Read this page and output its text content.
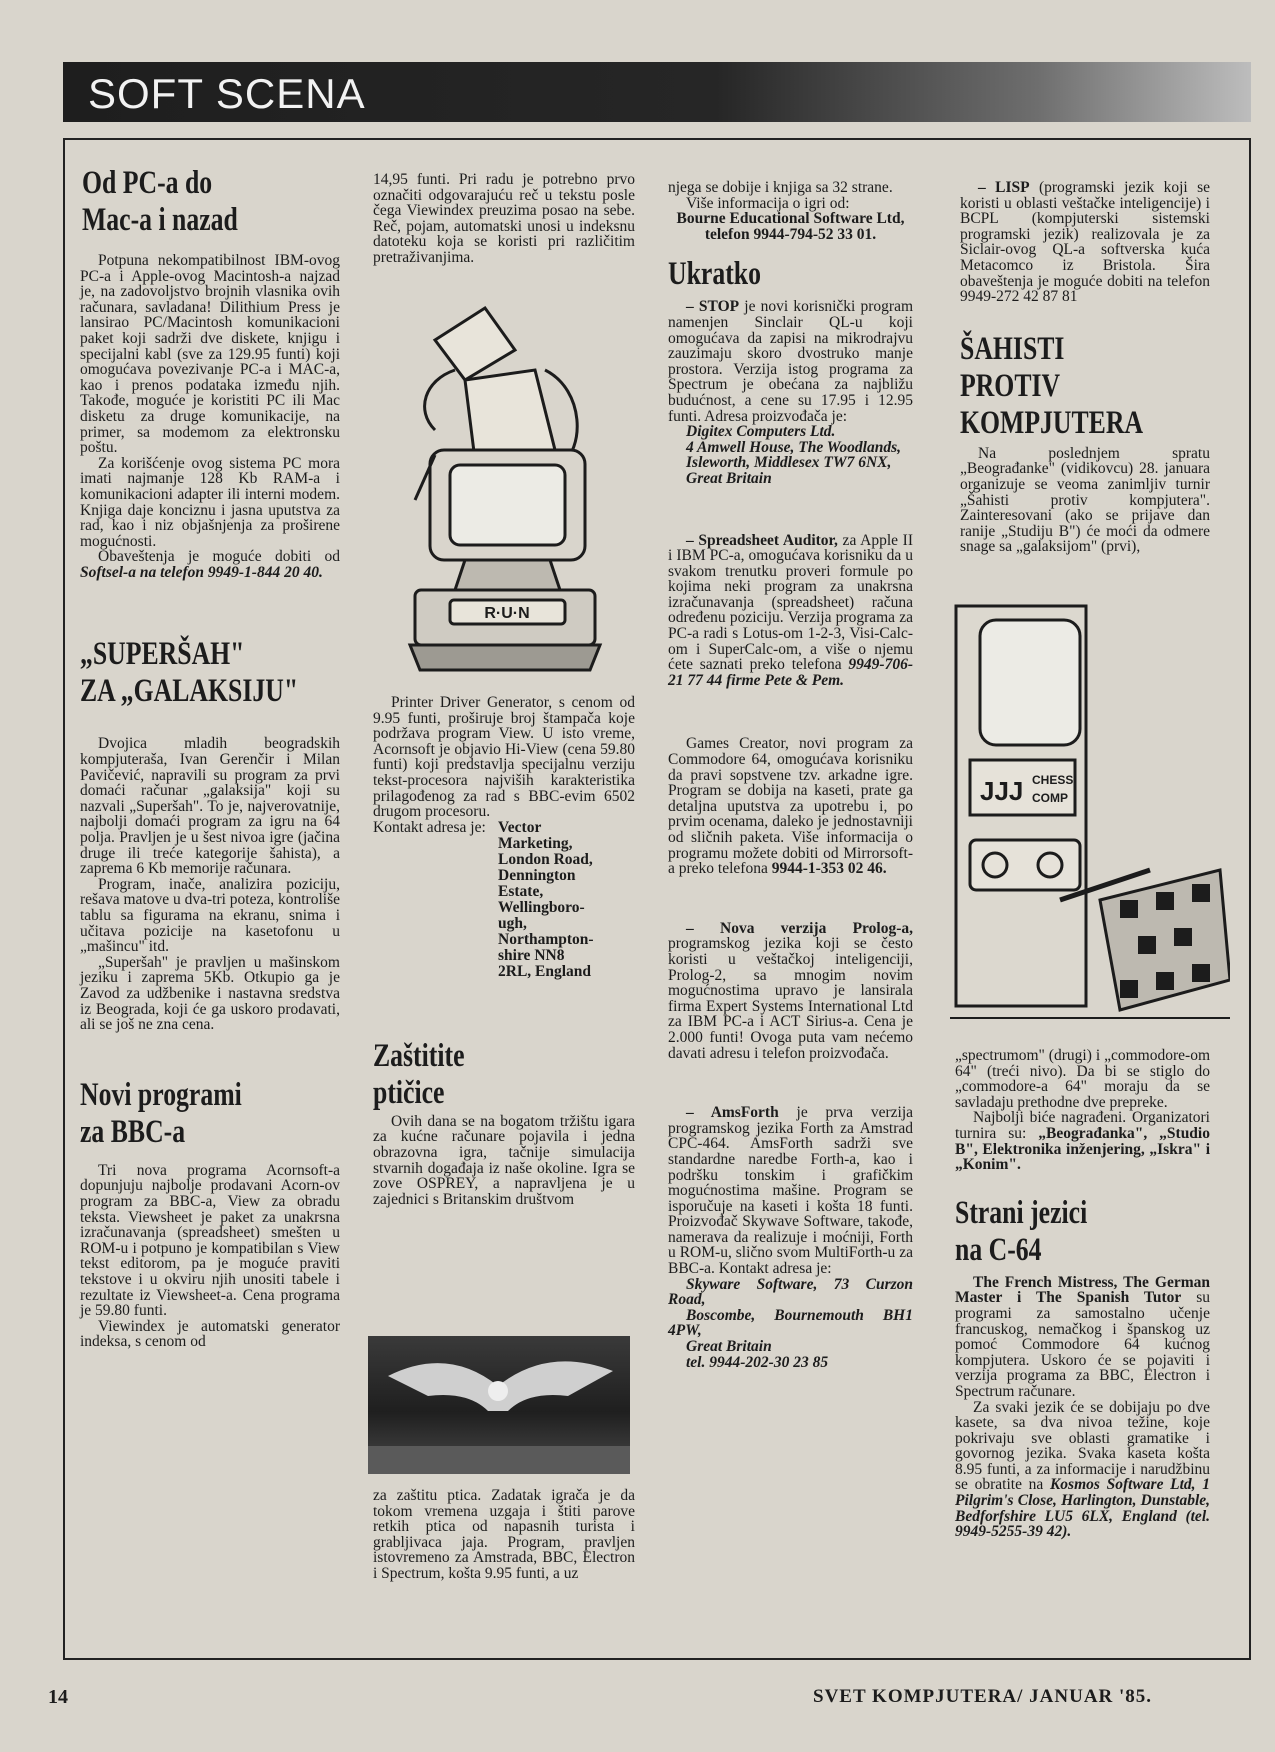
SOFT SCENA
Od PC-a do
Mac-a i nazad

Potpuna nekompatibilnost IBM-ovog PC-a i Apple-ovog Macintosh-a najzad je, na zadovoljstvo brojnih vlasnika ovih računara, savladana! Dilithium Press je lansirao PC/Macintosh komunikacioni paket koji sadrži dve diskete, knjigu i specijalni kabl (sve za 129.95 funti) koji omogućava povezivanje PC-a i MAC-a, kao i prenos podataka između njih. Takođe, moguće je koristiti PC ili Mac disketu za druge komunikacije, na primer, sa modemom za elektronsku poštu.

Za korišćenje ovog sistema PC mora imati najmanje 128 Kb RAM-a i komunikacioni adapter ili interni modem. Knjiga daje konciznu i jasna uputstva za rad, kao i niz objašnjenja za proširene mogućnosti.

Obaveštenja je moguće dobiti od Softsel-a na telefon 9949-1-844 20 40.

„SUPERŠAH"
ZA „GALAKSIJU"

Dvojica mladih beogradskih kompjuteraša, Ivan Gerenčir i Milan Pavičević, napravili su program za prvi domaći računar „galaksija" koji su nazvali „Superšah". To je, najverovatnije, najbolji domaći program za igru na 64 polja. Pravljen je u šest nivoa igre (jačina druge ili treće kategorije šahista), a zaprema 6 Kb memorije računara.

Program, inače, analizira poziciju, rešava matove u dva-tri poteza, kontroliše tablu sa figurama na ekranu, snima i učitava pozicije na kasetofonu u „mašincu" itd.

„Superšah" je pravljen u mašinskom jeziku i zaprema 5Kb. Otkupio ga je Zavod za udžbenike i nastavna sredstva iz Beograda, koji će ga uskoro prodavati, ali se još ne zna cena.

Novi programi
za BBC-a

Tri nova programa Acornsoft-a dopunjuju najbolje prodavani Acorn-ov program za BBC-a, View za obradu teksta. Viewsheet je paket za unakrsna izračunavanja (spreadsheet) smešten u ROM-u i potpuno je kompatibilan s View tekst editorom, pa je moguće praviti tekstove i u okviru njih unositi tabele i rezultate iz Viewsheet-a. Cena programa je 59.80 funti.

Viewindex je automatski generator indeksa, s cenom od

14,95 funti. Pri radu je potrebno prvo označiti odgovarajuću reč u tekstu posle čega Viewindex preuzima posao na sebe. Reč, pojam, automatski unosi u indeksnu datoteku koja se koristi pri različitim pretraživanjima.

R·U·N

Printer Driver Generator, s cenom od 9.95 funti, proširuje broj štampača koje podržava program View. U isto vreme, Acornsoft je objavio Hi-View (cena 59.80 funti) koji predstavlja specijalnu verziju tekst-procesora najviših karakteristika prilagođenog za rad s BBC-evim 6502 drugom procesoru.

Kontakt adresa je: Vector
Marketing,
London Road,
Dennington
Estate,
Wellingboro-
ugh,
Northampton-
shire NN8
2RL, England
Zaštitite
ptičice

Ovih dana se na bogatom tržištu igara za kućne računare pojavila i jedna obrazovna igra, tačnije simulacija stvarnih događaja iz naše okoline. Igra se zove OSPREY, a napravljena je u zajednici s Britanskim društvom

za zaštitu ptica. Zadatak igrača je da tokom vremena uzgaja i štiti parove retkih ptica od napasnih turista i grabljivaca jaja. Program, pravljen istovremeno za Amstrada, BBC, Electron i Spectrum, košta 9.95 funti, a uz

njega se dobije i knjiga sa 32 strane.

Više informacija o igri od:

Bourne Educational Software Ltd, telefon 9944-794-52 33 01.

Ukratko

– STOP je novi korisnički program namenjen Sinclair QL-u koji omogućava da zapisi na mikrodrajvu zauzimaju skoro dvostruko manje prostora. Verzija istog programa za Spectrum je obećana za najbližu budućnost, a cene su 17.95 i 12.95 funti. Adresa proizvođača je:

Digitex Computers Ltd.

4 Amwell House, The Woodlands,

Isleworth, Middlesex TW7 6NX,

Great Britain

– Spreadsheet Auditor, za Apple II i IBM PC-a, omogućava korisniku da u svakom trenutku proveri formule po kojima neki program za unakrsna izračunavanja (spreadsheet) računa određenu poziciju. Verzija programa za PC-a radi s Lotus-om 1-2-3, Visi-Calc-om i SuperCalc-om, a više o njemu ćete saznati preko telefona 9949-706-21 77 44 firme Pete & Pem.

Games Creator, novi program za Commodore 64, omogućava korisniku da pravi sopstvene tzv. arkadne igre. Program se dobija na kaseti, prate ga detaljna uputstva za upotrebu i, po prvim ocenama, daleko je jednostavniji od sličnih paketa. Više informacija o programu možete dobiti od Mirrorsoft-a preko telefona 9944-1-353 02 46.

– Nova verzija Prolog-a, programskog jezika koji se često koristi u veštačkoj inteligenciji, Prolog-2, sa mnogim novim mogućnostima upravo je lansirala firma Expert Systems International Ltd za IBM PC-a i ACT Sirius-a. Cena je 2.000 funti! Ovoga puta vam nećemo davati adresu i telefon proizvođača.

– AmsForth je prva verzija programskog jezika Forth za Amstrad CPC-464. AmsForth sadrži sve standardne naredbe Forth-a, kao i podršku tonskim i grafičkim mogućnostima mašine. Program se isporučuje na kaseti i košta 18 funti. Proizvođač Skywave Software, takođe, namerava da realizuje i moćniji, Forth u ROM-u, slično svom MultiForth-u za BBC-a. Kontakt adresa je:

Skyware Software, 73 Curzon Road,

Boscombe, Bournemouth BH1 4PW,

Great Britain

tel. 9944-202-30 23 85

– LISP (programski jezik koji se koristi u oblasti veštačke inteligencije) i BCPL (kompjuterski sistemski programski jezik) realizovala je za Siclair-ovog QL-a softverska kuća Metacomco iz Bristola. Šira obaveštenja je moguće dobiti na telefon 9949-272 42 87 81

ŠAHISTI
PROTIV
KOMPJUTERA

Na poslednjem spratu „Beograđanke" (vidikovcu) 28. januara organizuje se veoma zanimljiv turnir „Šahisti protiv kompjutera". Zainteresovani (ako se prijave dan ranije „Studiju B") će moći da odmere snage sa „galaksijom" (prvi),

JJJ CHESS
COMP

„spectrumom" (drugi) i „commodore-om 64" (treći nivo). Da bi se stiglo do „commodore-a 64" moraju da se savladaju prethodne dve prepreke.

Najbolji biće nagrađeni. Organizatori turnira su: „Beograđanka", „Studio B", Elektronika inženjering, „Iskra" i „Konim".

Strani jezici
na C-64

The French Mistress, The German Master i The Spanish Tutor su programi za samostalno učenje francuskog, nemačkog i španskog uz pomoć Commodore 64 kućnog kompjutera. Uskoro će se pojaviti i verzija programa za BBC, Electron i Spectrum računare.

Za svaki jezik će se dobijaju po dve kasete, sa dva nivoa težine, koje pokrivaju sve oblasti gramatike i govornog jezika. Svaka kaseta košta 8.95 funti, a za informacije i narudžbinu se obratite na Kosmos Software Ltd, 1 Pilgrim's Close, Harlington, Dunstable, Bedforfshire LU5 6LX, England (tel. 9949-5255-39 42).

14	SVET KOMPJUTERA/ JANUAR '85.
